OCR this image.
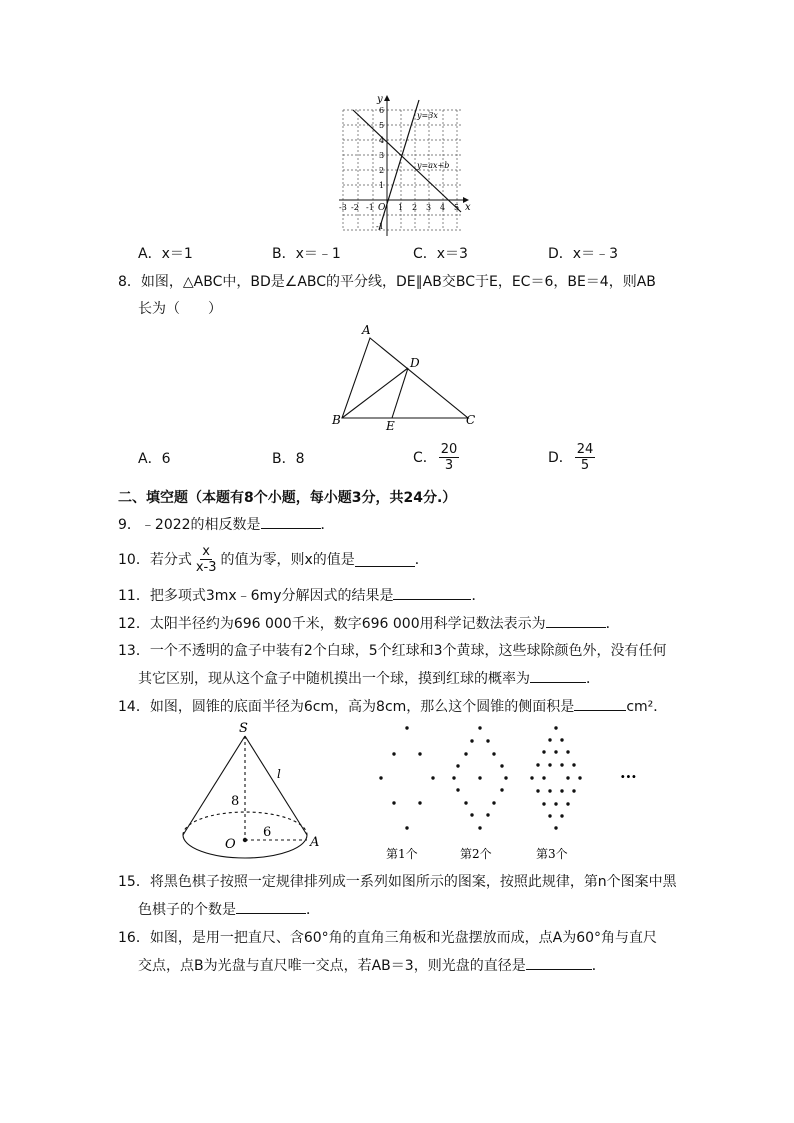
y
x
O
y=3x
y=ax+b
-3 -2 -1	1 2 3 4 5
6
5
4
3
2
1
-1
A．x＝1	B．x＝﹣1	C．x＝3	D．x＝﹣3
8．如图，△ABC中，BD是∠ABC的平分线，DE∥AB交BC于E，EC＝6，BE＝4，则AB
长为（　　）
A
B	C
D
E
A．6	B．8	C． $\frac{20}{3}$	D． $\frac{24}{5}$
二、填空题（本题有8个小题，每小题3分，共24分.）
9．﹣2022的相反数是	．
10．若分式 $\frac{x}{x-3}$ 的值为零，则x的值是	．
11．把多项式3mx﹣6my分解因式的结果是	．
12．太阳半径约为696 000千米，数字696 000用科学记数法表示为	．
13．一个不透明的盒子中装有2个白球，5个红球和3个黄球，这些球除颜色外，没有任何
其它区别，现从这个盒子中随机摸出一个球，摸到红球的概率为	．
14．如图，圆锥的底面半径为6cm，高为8cm，那么这个圆锥的侧面积是	cm²．
S
l
8
6
O	A
···
第1个	第2个	第3个
15．将黑色棋子按照一定规律排列成一系列如图所示的图案，按照此规律，第n个图案中黑
色棋子的个数是	．
16．如图，是用一把直尺、含60°角的直角三角板和光盘摆放而成，点A为60°角与直尺
交点，点B为光盘与直尺唯一交点，若AB＝3，则光盘的直径是	．
